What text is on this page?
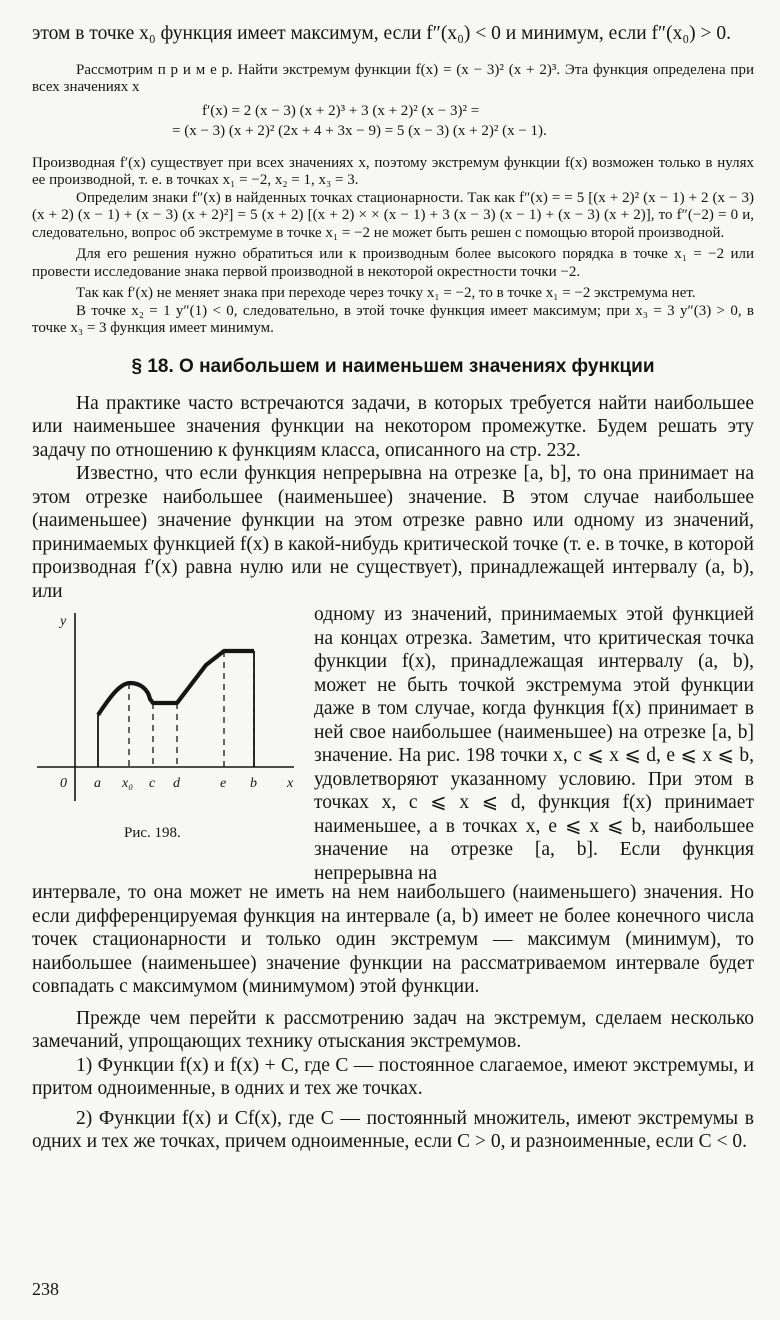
этом в точке x₀ функция имеет максимум, если f″(x₀) < 0 и минимум, если f″(x₀) > 0.

Рассмотрим п р и м е р. Найти экстремум функции f(x) = (x − 3)² (x + 2)³. Эта функция определена при всех значениях x

f′(x) = 2 (x − 3) (x + 2)³ + 3 (x + 2)² (x − 3)² =

= (x − 3) (x + 2)² (2x + 4 + 3x − 9) = 5 (x − 3) (x + 2)² (x − 1).

Производная f′(x) существует при всех значениях x, поэтому экстремум функции f(x) возможен только в нулях ее производной, т. е. в точках x₁ = −2, x₂ = 1, x₃ = 3.

Определим знаки f″(x) в найденных точках стационарности. Так как f″(x) = = 5 [(x + 2)² (x − 1) + 2 (x − 3) (x + 2) (x − 1) + (x − 3) (x + 2)²] = 5 (x + 2) [(x + 2) × × (x − 1) + 3 (x − 3) (x − 1) + (x − 3) (x + 2)], то f″(−2) = 0 и, следовательно, вопрос об экстремуме в точке x₁ = −2 не может быть решен с помощью второй производной.

Для его решения нужно обратиться или к производным более высокого порядка в точке x₁ = −2 или провести исследование знака первой производной в некоторой окрестности точки −2.

Так как f′(x) не меняет знака при переходе через точку x₁ = −2, то в точке x₁ = −2 экстремума нет.

В точке x₂ = 1 y″(1) < 0, следовательно, в этой точке функция имеет максимум; при x₃ = 3 y″(3) > 0, в точке x₃ = 3 функция имеет минимум.

§ 18. О наибольшем и наименьшем значениях функции

На практике часто встречаются задачи, в которых требуется найти наибольшее или наименьшее значения функции на некотором промежутке. Будем решать эту задачу по отношению к функциям класса, описанного на стр. 232.

Известно, что если функция непрерывна на отрезке [a, b], то она принимает на этом отрезке наибольшее (наименьшее) значение. В этом случае наибольшее (наименьшее) значение функции на этом отрезке равно или одному из значений, принимаемых функцией f(x) в какой-нибудь критической точке (т. е. в точке, в которой производная f′(x) равна нулю или не существует), принадлежащей интервалу (a, b), или

y
x
0 a x₀ c d	e b
Рис. 198.

одному из значений, принимаемых этой функцией на концах отрезка. Заметим, что критическая точка функции f(x), принадлежащая интервалу (a, b), может не быть точкой экстремума этой функции даже в том случае, когда функция f(x) принимает в ней свое наибольшее (наименьшее) на отрезке [a, b] значение. На рис. 198 точки x, c ⩽ x ⩽ d, e ⩽ x ⩽ b, удовлетворяют указанному условию. При этом в точках x, c ⩽ x ⩽ d, функция f(x) принимает наименьшее, а в точках x, e ⩽ x ⩽ b, наибольшее значение на отрезке [a, b]. Если функция непрерывна на

интервале, то она может не иметь на нем наибольшего (наименьшего) значения. Но если дифференцируемая функция на интервале (a, b) имеет не более конечного числа точек стационарности и только один экстремум — максимум (минимум), то наибольшее (наименьшее) значение функции на рассматриваемом интервале будет совпадать с максимумом (минимумом) этой функции.

Прежде чем перейти к рассмотрению задач на экстремум, сделаем несколько замечаний, упрощающих технику отыскания экстремумов.

1) Функции f(x) и f(x) + C, где C — постоянное слагаемое, имеют экстремумы, и притом одноименные, в одних и тех же точках.

2) Функции f(x) и Cf(x), где C — постоянный множитель, имеют экстремумы в одних и тех же точках, причем одноименные, если C > 0, и разноименные, если C < 0.

238
